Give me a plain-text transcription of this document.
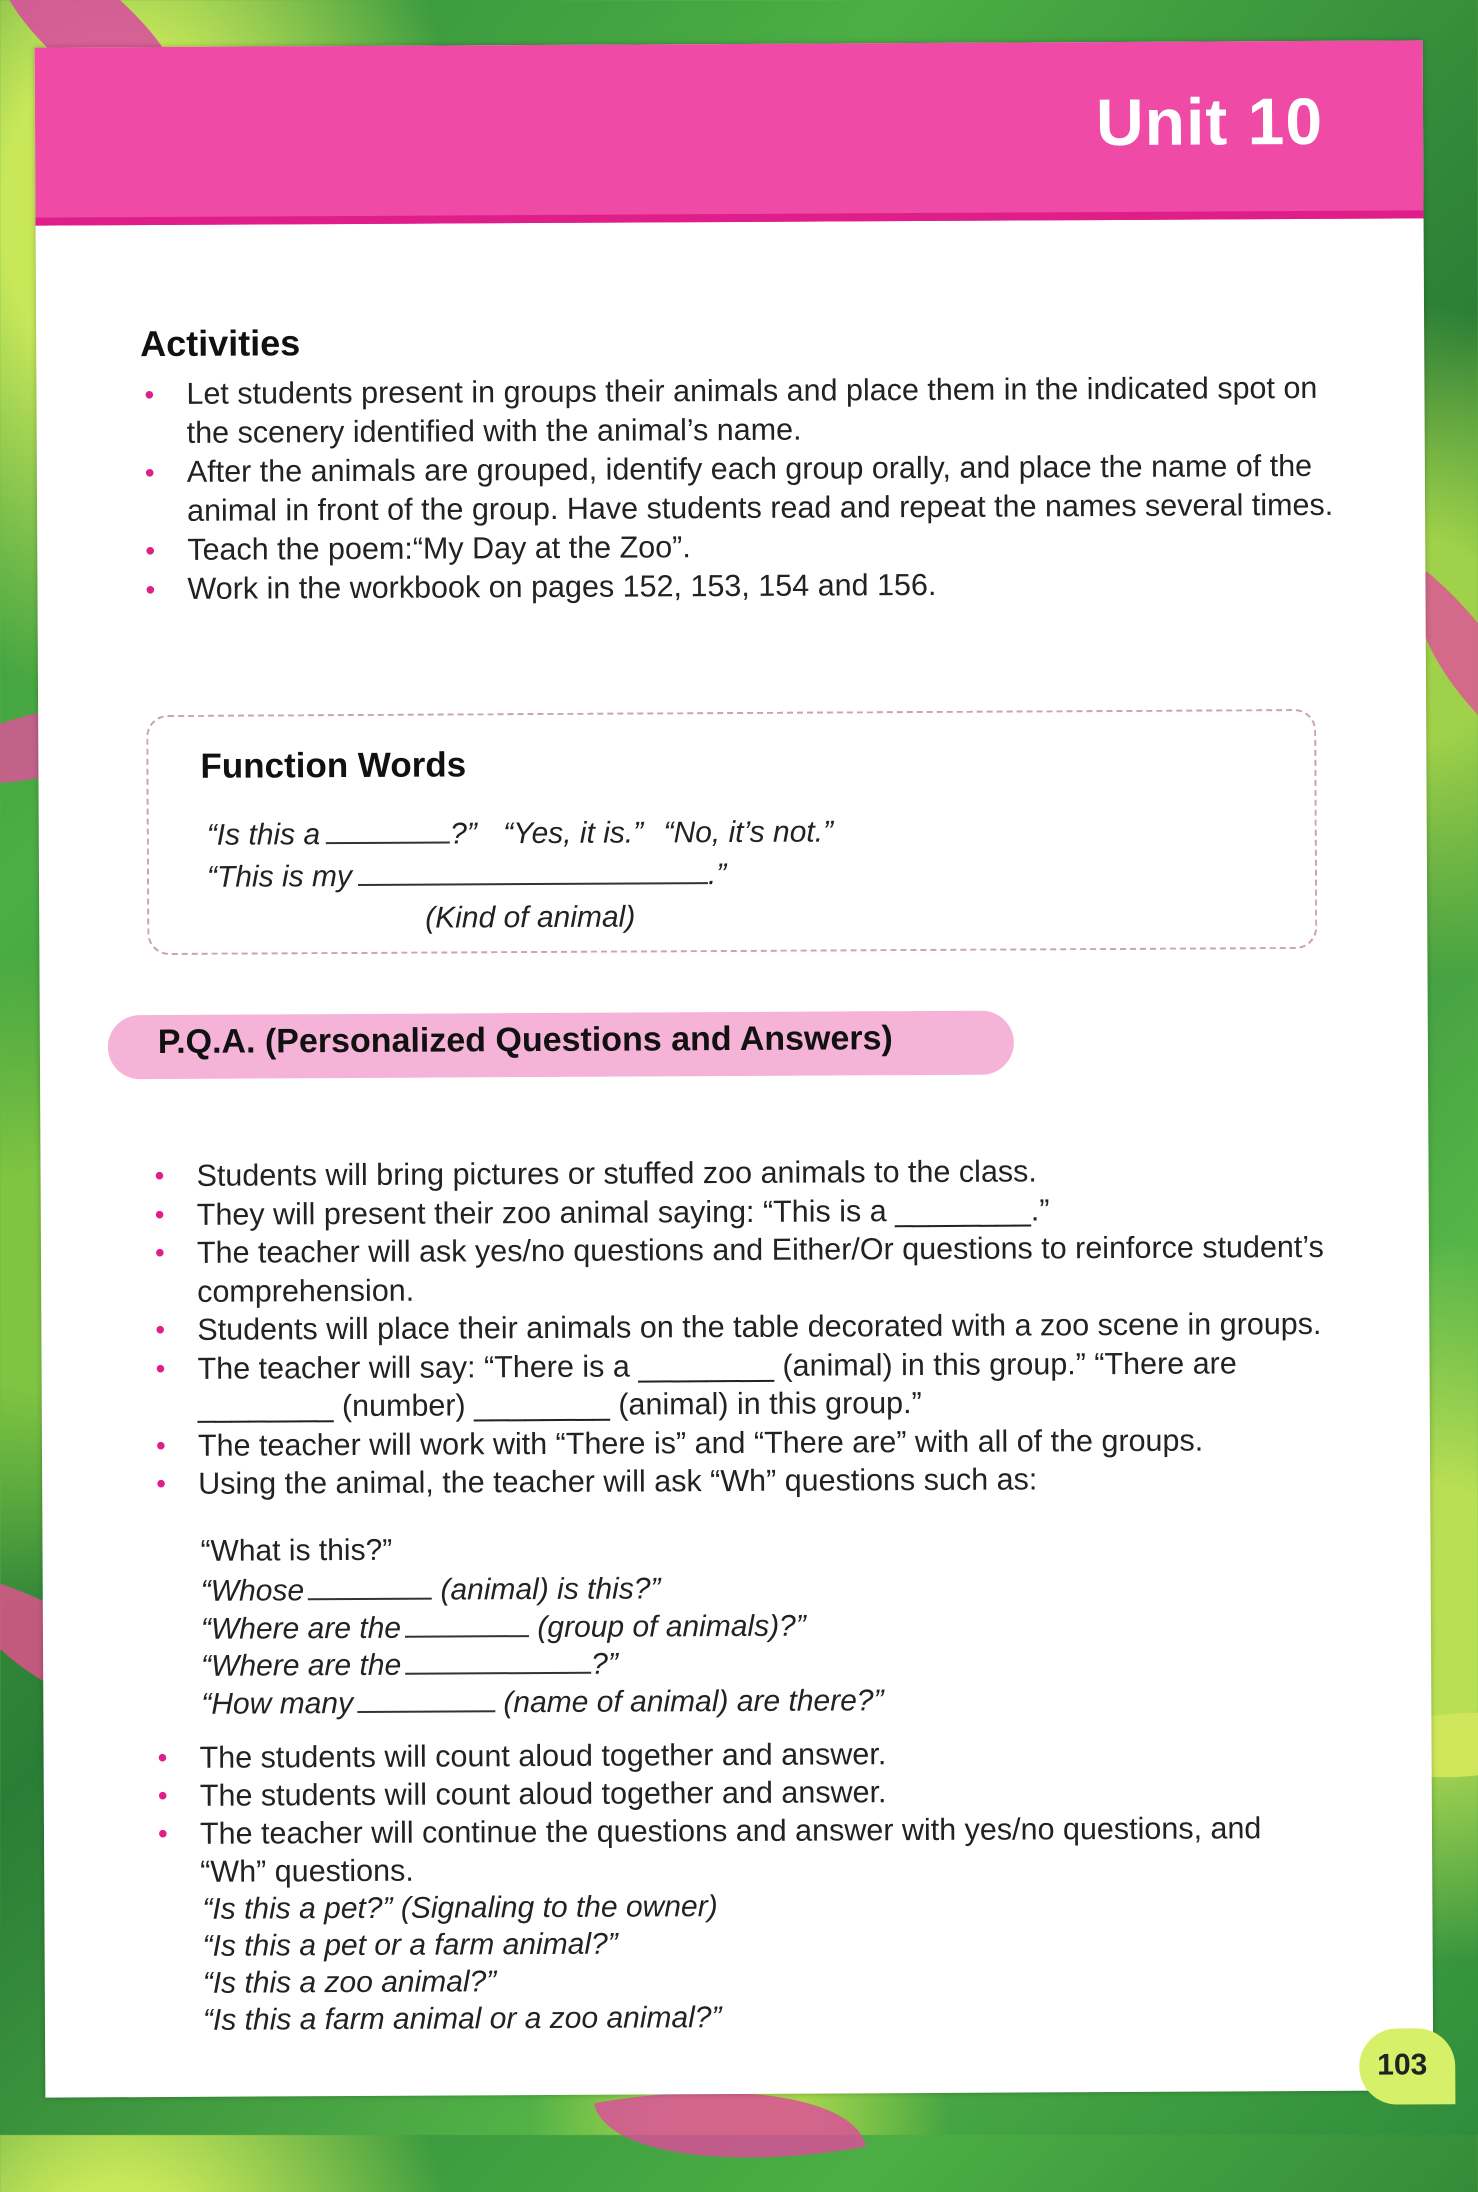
Unit 10
Activities
• Let students present in groups their animals and place them in the indicated spot on the scenery identified with the animal’s name.
• After the animals are grouped, identify each group orally, and place the name of the animal in front of the group. Have students read and repeat the names several times.
• Teach the poem:“My Day at the Zoo”.
• Work in the workbook on pages 152, 153, 154 and 156.
Function Words

“Is this a	?” “Yes, it is.” “No, it’s not.”

“This is my	.”

(Kind of animal)

P.Q.A. (Personalized Questions and Answers)
• Students will bring pictures or stuffed zoo animals to the class.
• They will present their zoo animal saying: “This is a ________.”
• The teacher will ask yes/no questions and Either/Or questions to reinforce student’s comprehension.
• Students will place their animals on the table decorated with a zoo scene in groups.
• The teacher will say: “There is a ________ (animal) in this group.” “There are ________ (number) ________ (animal) in this group.”
• The teacher will work with “There is” and “There are” with all of the groups.
• Using the animal, the teacher will ask “Wh” questions such as:

“What is this?”

“Whose	(animal) is this?”

“Where are the	(group of animals)?”

“Where are the	?”

“How many	(name of animal) are there?”

• The students will count aloud together and answer.
• The students will count aloud together and answer.
• The teacher will continue the questions and answer with yes/no questions, and “Wh” questions.

“Is this a pet?” (Signaling to the owner)

“Is this a pet or a farm animal?”

“Is this a zoo animal?”

“Is this a farm animal or a zoo animal?”

103
